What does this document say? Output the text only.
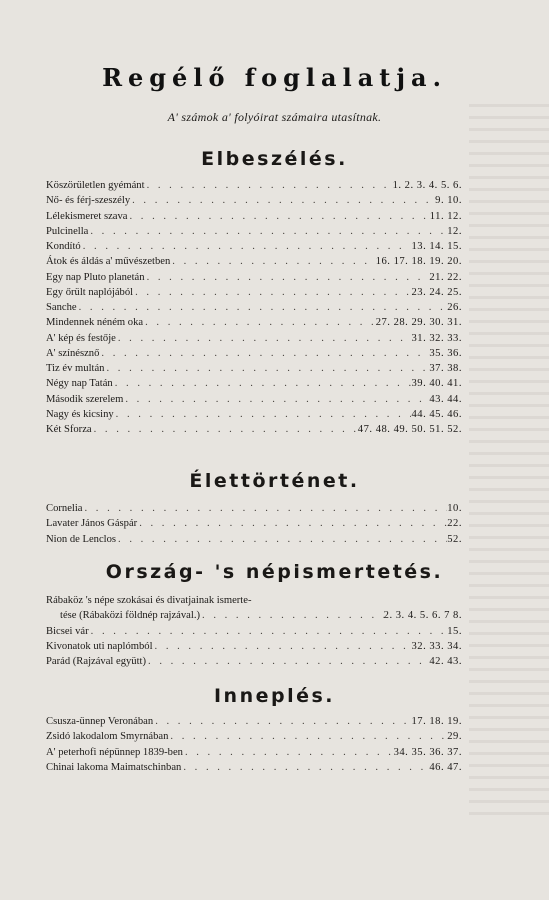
Regélő foglalatja.

A' számok a' folyóirat számaira utasítnak.

Elbeszélés.
Köszörületlen gyémánt . . .	1. 2. 3. 4. 5. 6.
Nő- és férj-szeszély . . .	9. 10.
Lélekismeret szava . . .	11. 12.
Pulcinella . . .	12.
Kondító . . .	13. 14. 15.
Átok és áldás a' művészetben . . .	16. 17. 18. 19. 20.
Egy nap Pluto planetán . . .	21. 22.
Egy őrült naplójából . . .	23. 24. 25.
Sanche . . .	26.
Mindennek néném oka . . .	27. 28. 29. 30. 31.
A' kép és festője . . .	31. 32. 33.
A' színésznő . . .	35. 36.
Tiz év multán . . .	37. 38.
Négy nap Tatán . . .	39. 40. 41.
Második szerelem . . .	43. 44.
Nagy és kicsiny . . .	44. 45. 46.
Két Sforza . . .	47. 48. 49. 50. 51. 52.
Élettörténet.
Cornelia . . .	10.
Lavater János Gáspár . . .	22.
Nion de Lenclos . . .	52.
Ország- 's népismertetés.
Rábaköz 's népe szokásai és divatjainak ismerte-
tése (Rábaközi földnép rajzával.) . . .	2. 3. 4. 5. 6. 7 8.
Bicsei vár . . .	15.
Kivonatok uti naplómból . . .	32. 33. 34.
Parád (Rajzával együtt) . . .	42. 43.
Inneplés.
Csusza-ünnep Veronában . . .	17. 18. 19.
Zsidó lakodalom Smyrnában . . .	29.
A' peterhofi népünnep 1839-ben . . .	34. 35. 36. 37.
Chinai lakoma Maimatschinban . . .	46. 47.
